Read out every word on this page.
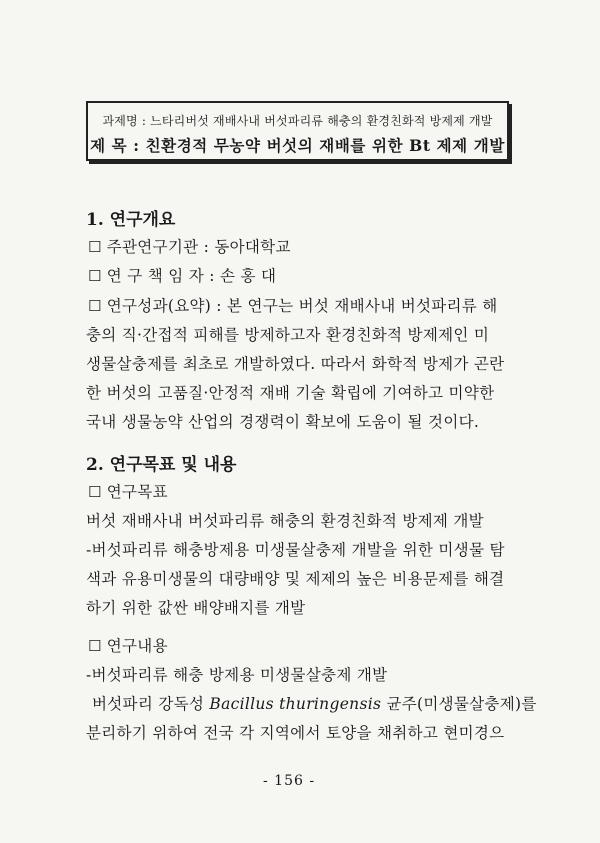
과제명 : 느타리버섯 재배사내 버섯파리류 해충의 환경친화적 방제제 개발
제 목 : 친환경적 무농약 버섯의 재배를 위한 Bt 제제 개발
1. 연구개요
☐ 주관연구기관 : 동아대학교
☐ 연 구 책 임 자 : 손 홍 대
☐ 연구성과(요약) : 본 연구는 버섯 재배사내 버섯파리류 해
충의 직·간접적 피해를 방제하고자 환경친화적 방제제인 미
생물살충제를 최초로 개발하였다. 따라서 화학적 방제가 곤란
한 버섯의 고품질·안정적 재배 기술 확립에 기여하고 미약한
국내 생물농약 산업의 경쟁력이 확보에 도움이 될 것이다.
2. 연구목표 및 내용
☐ 연구목표
버섯 재배사내 버섯파리류 해충의 환경친화적 방제제 개발
-버섯파리류 해충방제용 미생물살충제 개발을 위한 미생물 탐
색과 유용미생물의 대량배양 및 제제의 높은 비용문제를 해결
하기 위한 값싼 배양배지를 개발
☐ 연구내용
-버섯파리류 해충 방제용 미생물살충제 개발
버섯파리 강독성 Bacillus thuringensis 균주(미생물살충제)를
분리하기 위하여 전국 각 지역에서 토양을 채취하고 현미경으
- 156 -
